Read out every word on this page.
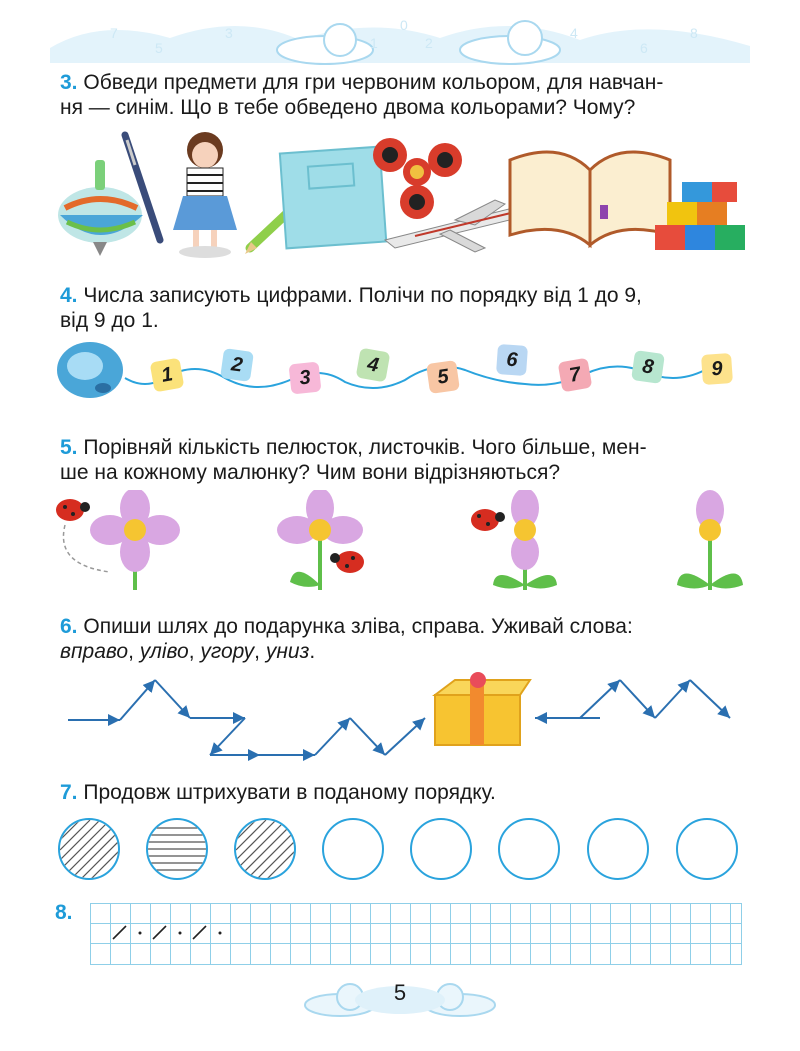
7
5
3
1
0
2
4
6
8
3. Обведи предмети для гри червоним кольором, для навчан-
ня — синім. Що в тебе обведено двома кольорами? Чому?
4. Числа записують цифрами. Полічи по порядку від 1 до 9,
від 9 до 1.
1	2
3
4
5
6
7	8	9
5. Порівняй кількість пелюсток, листочків. Чого більше, мен-
ше на кожному малюнку? Чим вони відрізняються?
6. Опиши шлях до подарунка зліва, справа. Уживай слова:
вправо, уліво, угору, униз.
7. Продовж штрихувати в поданому порядку.
8.
5
